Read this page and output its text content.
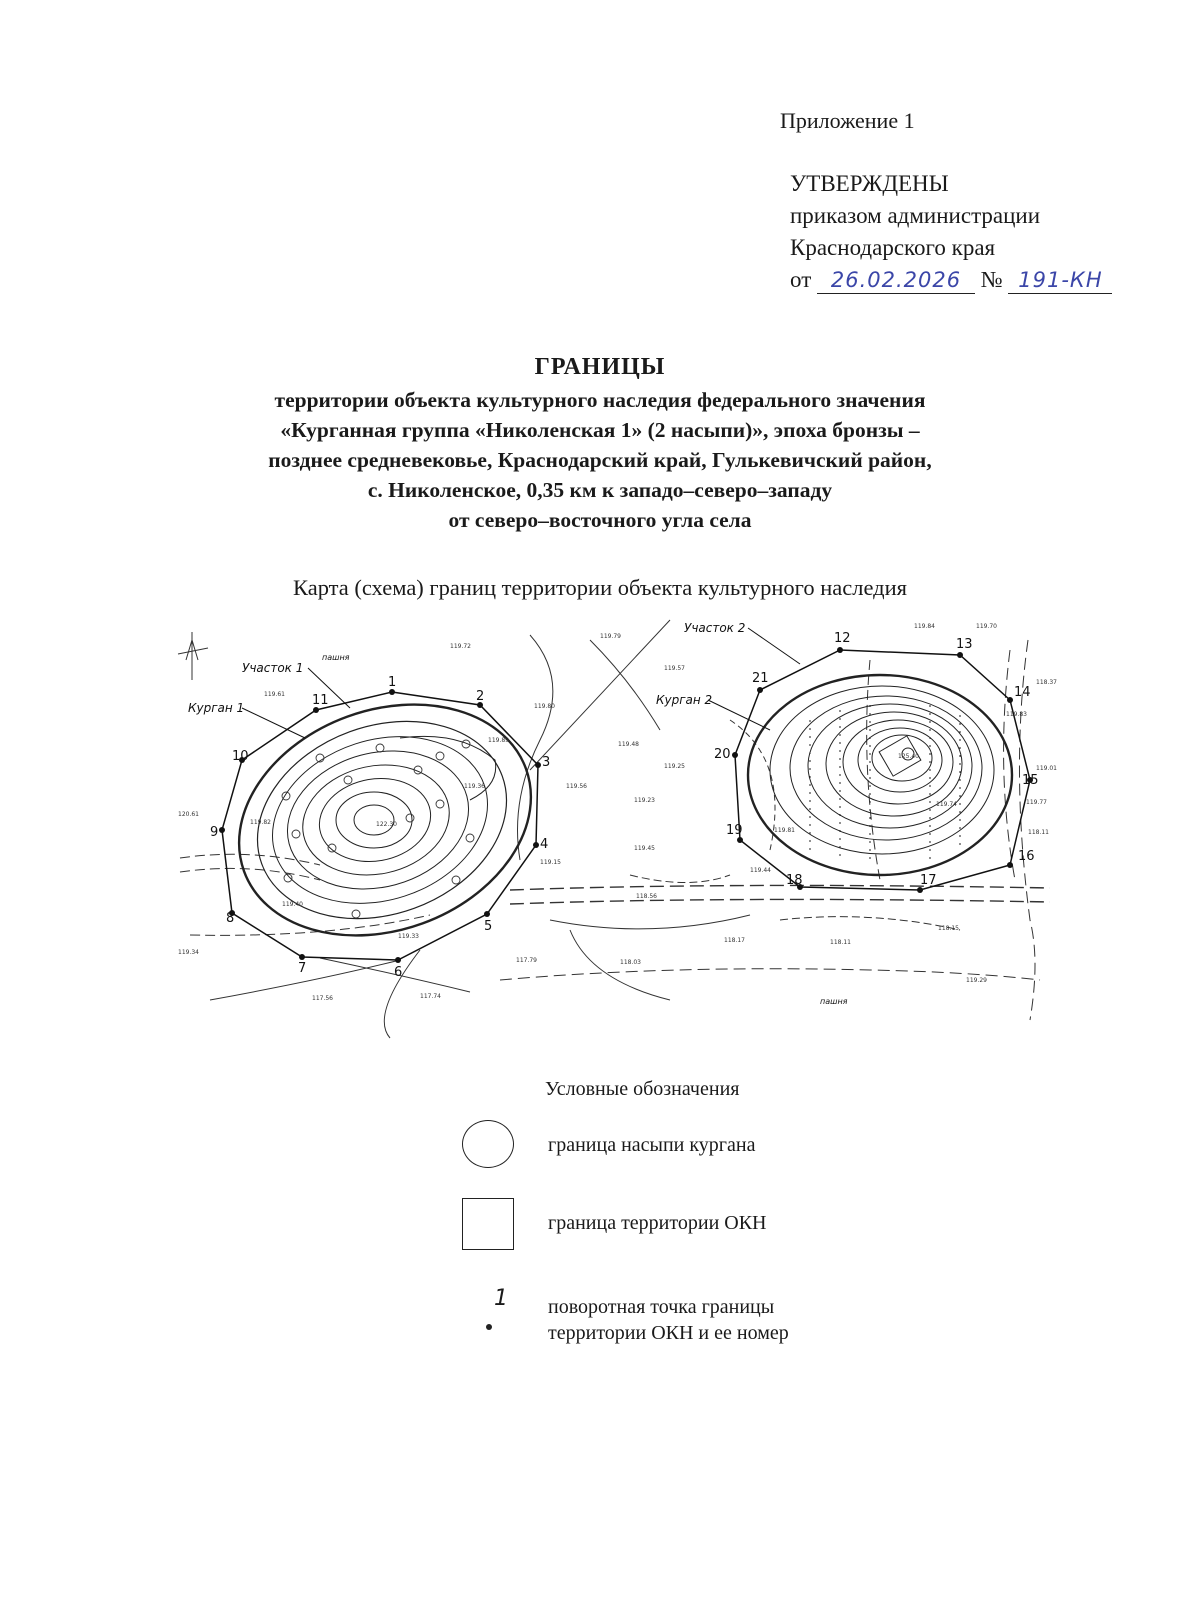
Приложение 1
УТВЕРЖДЕНЫ
приказом администрации
Краснодарского края
от 26.02.2026 № 191-КН
ГРАНИЦЫ
территории объекта культурного наследия федерального значения
«Курганная группа «Николенская 1» (2 насыпи)», эпоха бронзы –
позднее средневековье, Краснодарский край, Гулькевичский район,
с. Николенское, 0,35 км к западо–северо–западу
от северо–восточного угла села
Карта (схема) границ территории объекта культурного наследия
1
2
3
4
5
6
7
8
9
10
11
12	13
14
15
16
17
18
19
20
21
Участок 1
Курган 1
Участок 2
Курган 2
пашня
пашня
119.72
119.79
119.57
119.61
119.80
119.48
119.25
119.56
119.23
119.45
119.15
119.44
118.56
118.17	118.11
118.15
118.03
117.74
117.56
117.79
118.37
119.01
118.11
122.30
125.40
119.84	119.70
120.61
119.34
119.36
119.77
119.83
119.29
119.74
119.81
119.82
119.40
119.33
119.89
Условные обозначения
граница насыпи кургана
граница территории ОКН
1 поворотная точка границы
территории ОКН и ее номер
